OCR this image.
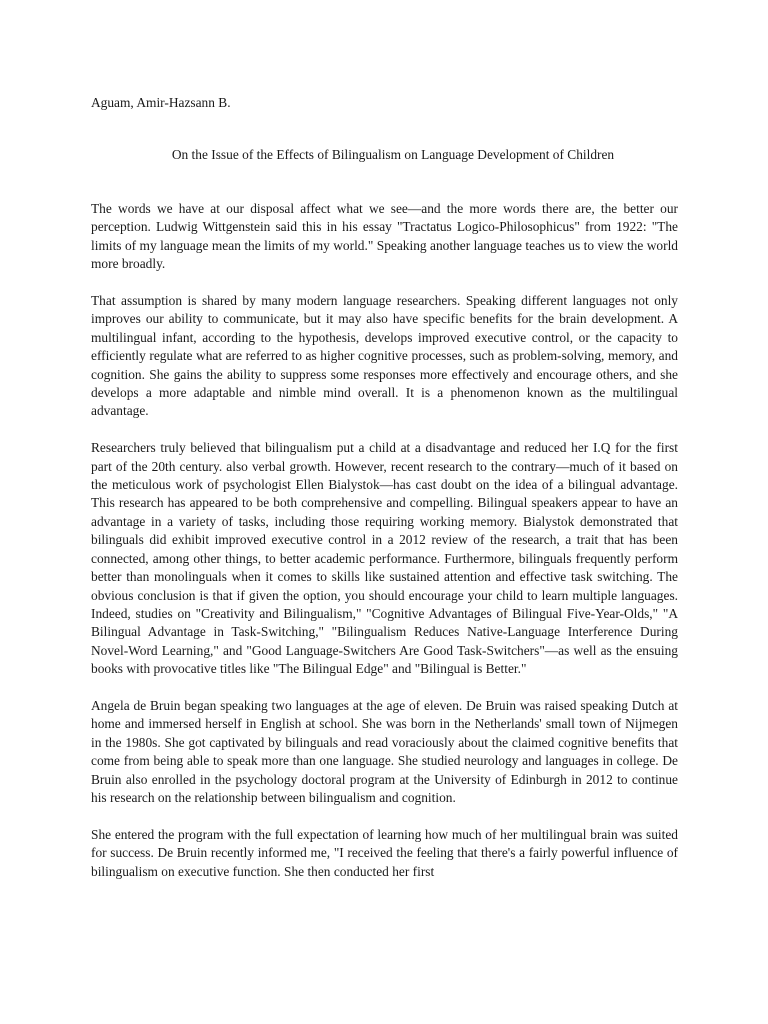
Aguam, Amir-Hazsann B.
On the Issue of the Effects of Bilingualism on Language Development of Children

The words we have at our disposal affect what we see—and the more words there are, the better our perception. Ludwig Wittgenstein said this in his essay "Tractatus Logico-Philosophicus" from 1922: "The limits of my language mean the limits of my world." Speaking another language teaches us to view the world more broadly.

That assumption is shared by many modern language researchers. Speaking different languages not only improves our ability to communicate, but it may also have specific benefits for the brain development. A multilingual infant, according to the hypothesis, develops improved executive control, or the capacity to efficiently regulate what are referred to as higher cognitive processes, such as problem-solving, memory, and cognition. She gains the ability to suppress some responses more effectively and encourage others, and she develops a more adaptable and nimble mind overall. It is a phenomenon known as the multilingual advantage.

Researchers truly believed that bilingualism put a child at a disadvantage and reduced her I.Q for the first part of the 20th century. also verbal growth. However, recent research to the contrary—much of it based on the meticulous work of psychologist Ellen Bialystok—has cast doubt on the idea of a bilingual advantage. This research has appeared to be both comprehensive and compelling. Bilingual speakers appear to have an advantage in a variety of tasks, including those requiring working memory. Bialystok demonstrated that bilinguals did exhibit improved executive control in a 2012 review of the research, a trait that has been connected, among other things, to better academic performance. Furthermore, bilinguals frequently perform better than monolinguals when it comes to skills like sustained attention and effective task switching. The obvious conclusion is that if given the option, you should encourage your child to learn multiple languages. Indeed, studies on "Creativity and Bilingualism," "Cognitive Advantages of Bilingual Five-Year-Olds," "A Bilingual Advantage in Task-Switching," "Bilingualism Reduces Native-Language Interference During Novel-Word Learning," and "Good Language-Switchers Are Good Task-Switchers"—as well as the ensuing books with provocative titles like "The Bilingual Edge" and "Bilingual is Better."

Angela de Bruin began speaking two languages at the age of eleven. De Bruin was raised speaking Dutch at home and immersed herself in English at school. She was born in the Netherlands' small town of Nijmegen in the 1980s. She got captivated by bilinguals and read voraciously about the claimed cognitive benefits that come from being able to speak more than one language. She studied neurology and languages in college. De Bruin also enrolled in the psychology doctoral program at the University of Edinburgh in 2012 to continue his research on the relationship between bilingualism and cognition.

She entered the program with the full expectation of learning how much of her multilingual brain was suited for success. De Bruin recently informed me, "I received the feeling that there's a fairly powerful influence of bilingualism on executive function. She then conducted her first
